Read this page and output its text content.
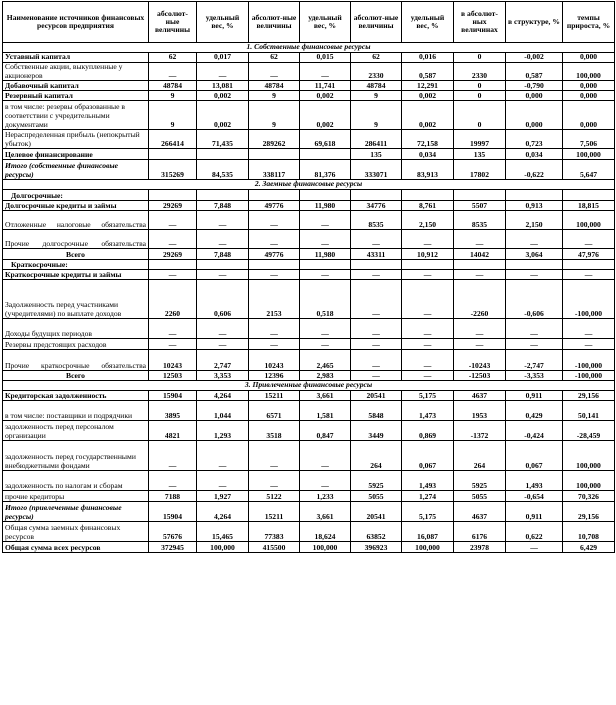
Наименование источников финансовых ресурсов предприятия	абсолют-ные величины	удельный вес, %	абсолют-ные величины	удельный вес, %	абсолют-ные величины	удельный вес, %	в абсолют-ных величинах	в структуре, %	темпы прироста, %
1. Собственные финансовые ресурсы									
Уставный капитал	62	0,017	62	0,015	62	0,016	0	-0,002	0,000
Собственные акции, выкупленные у акционеров	—	—	—	—	2330	0,587	2330	0,587	100,000
Добавочный капитал	48784	13,081	48784	11,741	48784	12,291	0	-0,790	0,000
Резервный капитал	9	0,002	9	0,002	9	0,002	0	0,000	0,000
в том числе: резервы образованные в соответствии с учредительными документами	9	0,002	9	0,002	9	0,002	0	0,000	0,000
Нераспределенная прибыль (непокрытый убыток)	266414	71,435	289262	69,618	286411	72,158	19997	0,723	7,506
Целевое финансирование					135	0,034	135	0,034	100,000
Итого (собственные финансовые ресурсы)	315269	84,535	338117	81,376	333071	83,913	17802	-0,622	5,647
2. Заемные финансовые ресурсы									
Долгосрочные:									
Долгосрочные кредиты и займы	29269	7,848	49776	11,980	34776	8,761	5507	0,913	18,815
Отложенные налоговые обязательства	—	—	—	—	8535	2,150	8535	2,150	100,000
Прочие долгосрочные обязательства	—	—	—	—	—	—	—	—	—
Всего	29269	7,848	49776	11,980	43311	10,912	14042	3,064	47,976
Краткосрочные:									
Краткосрочные кредиты и займы	—	—	—	—	—	—	—	—	—
Задолженность перед участниками (учредителями) по выплате доходов	2260	0,606	2153	0,518	—	—	-2260	-0,606	-100,000
Доходы будущих периодов	—	—	—	—	—	—	—	—	—
Резервы предстоящих расходов	—	—	—	—	—	—	—	—	—
Прочие краткосрочные обязательства	10243	2,747	10243	2,465	—	—	-10243	-2,747	-100,000
Всего	12503	3,353	12396	2,983	—	—	-12503	-3,353	-100,000
3. Привлеченные финансовые ресурсы									
Кредиторская задолженность	15904	4,264	15211	3,661	20541	5,175	4637	0,911	29,156
в том числе: поставщики и подрядчики	3895	1,044	6571	1,581	5848	1,473	1953	0,429	50,141
задолженность перед персоналом организации	4821	1,293	3518	0,847	3449	0,869	-1372	-0,424	-28,459
задолженность перед государственными внебюджетными фондами	—	—	—	—	264	0,067	264	0,067	100,000
задолженность по налогам и сборам	—	—	—	—	5925	1,493	5925	1,493	100,000
прочие кредиторы	7188	1,927	5122	1,233	5055	1,274	5055	-0,654	70,326
Итого (привлеченные финансовые ресурсы)	15904	4,264	15211	3,661	20541	5,175	4637	0,911	29,156
Общая сумма заемных финансовых ресурсов	57676	15,465	77383	18,624	63852	16,087	6176	0,622	10,708
Общая сумма всех ресурсов	372945	100,000	415500	100,000	396923	100,000	23978	—	6,429
